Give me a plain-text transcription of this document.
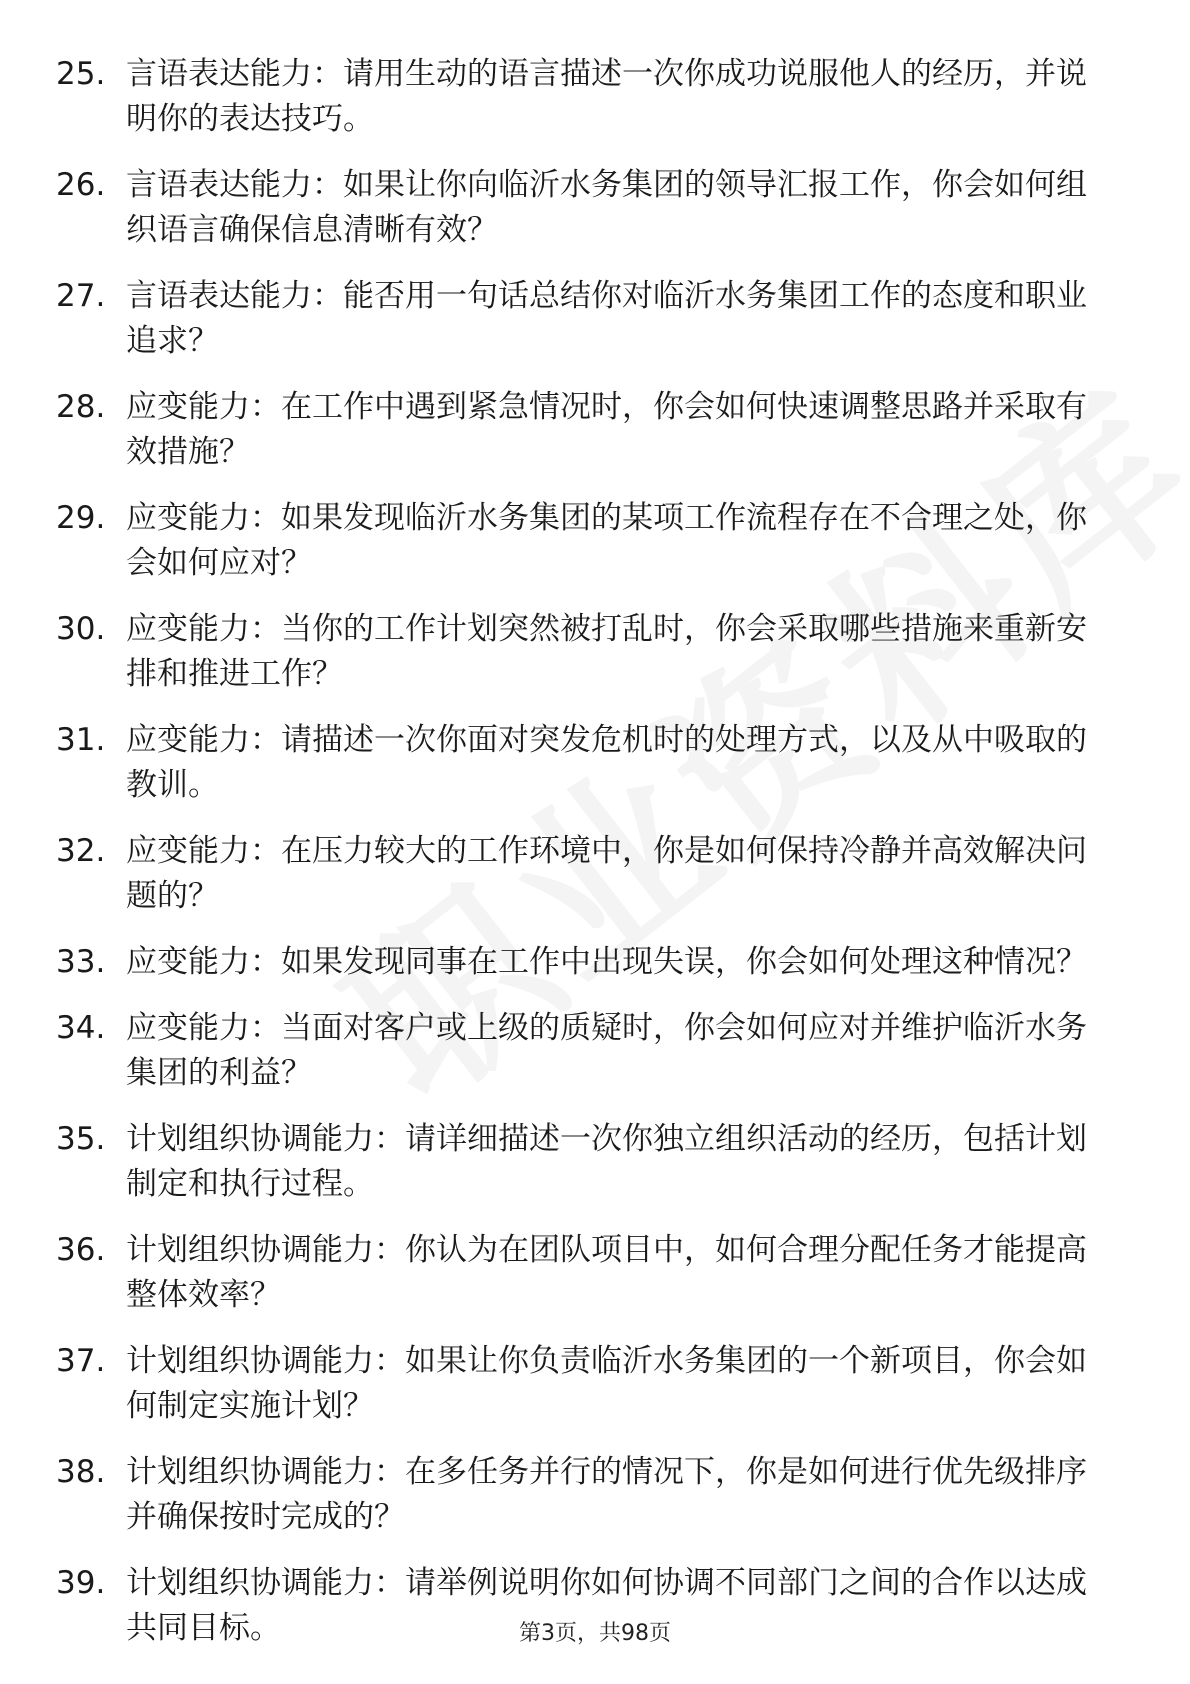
25. 言语表达能力：请用生动的语言描述一次你成功说服他人的经历，并说明你的表达技巧。
26. 言语表达能力：如果让你向临沂水务集团的领导汇报工作，你会如何组织语言确保信息清晰有效？
27. 言语表达能力：能否用一句话总结你对临沂水务集团工作的态度和职业追求？
28. 应变能力：在工作中遇到紧急情况时，你会如何快速调整思路并采取有效措施？
29. 应变能力：如果发现临沂水务集团的某项工作流程存在不合理之处，你会如何应对？
30. 应变能力：当你的工作计划突然被打乱时，你会采取哪些措施来重新安排和推进工作？
31. 应变能力：请描述一次你面对突发危机时的处理方式，以及从中吸取的教训。
32. 应变能力：在压力较大的工作环境中，你是如何保持冷静并高效解决问题的？
33. 应变能力：如果发现同事在工作中出现失误，你会如何处理这种情况？
34. 应变能力：当面对客户或上级的质疑时，你会如何应对并维护临沂水务集团的利益？
35. 计划组织协调能力：请详细描述一次你独立组织活动的经历，包括计划制定和执行过程。
36. 计划组织协调能力：你认为在团队项目中，如何合理分配任务才能提高整体效率？
37. 计划组织协调能力：如果让你负责临沂水务集团的一个新项目，你会如何制定实施计划？
38. 计划组织协调能力：在多任务并行的情况下，你是如何进行优先级排序并确保按时完成的？
39. 计划组织协调能力：请举例说明你如何协调不同部门之间的合作以达成共同目标。	第3页，共98页
